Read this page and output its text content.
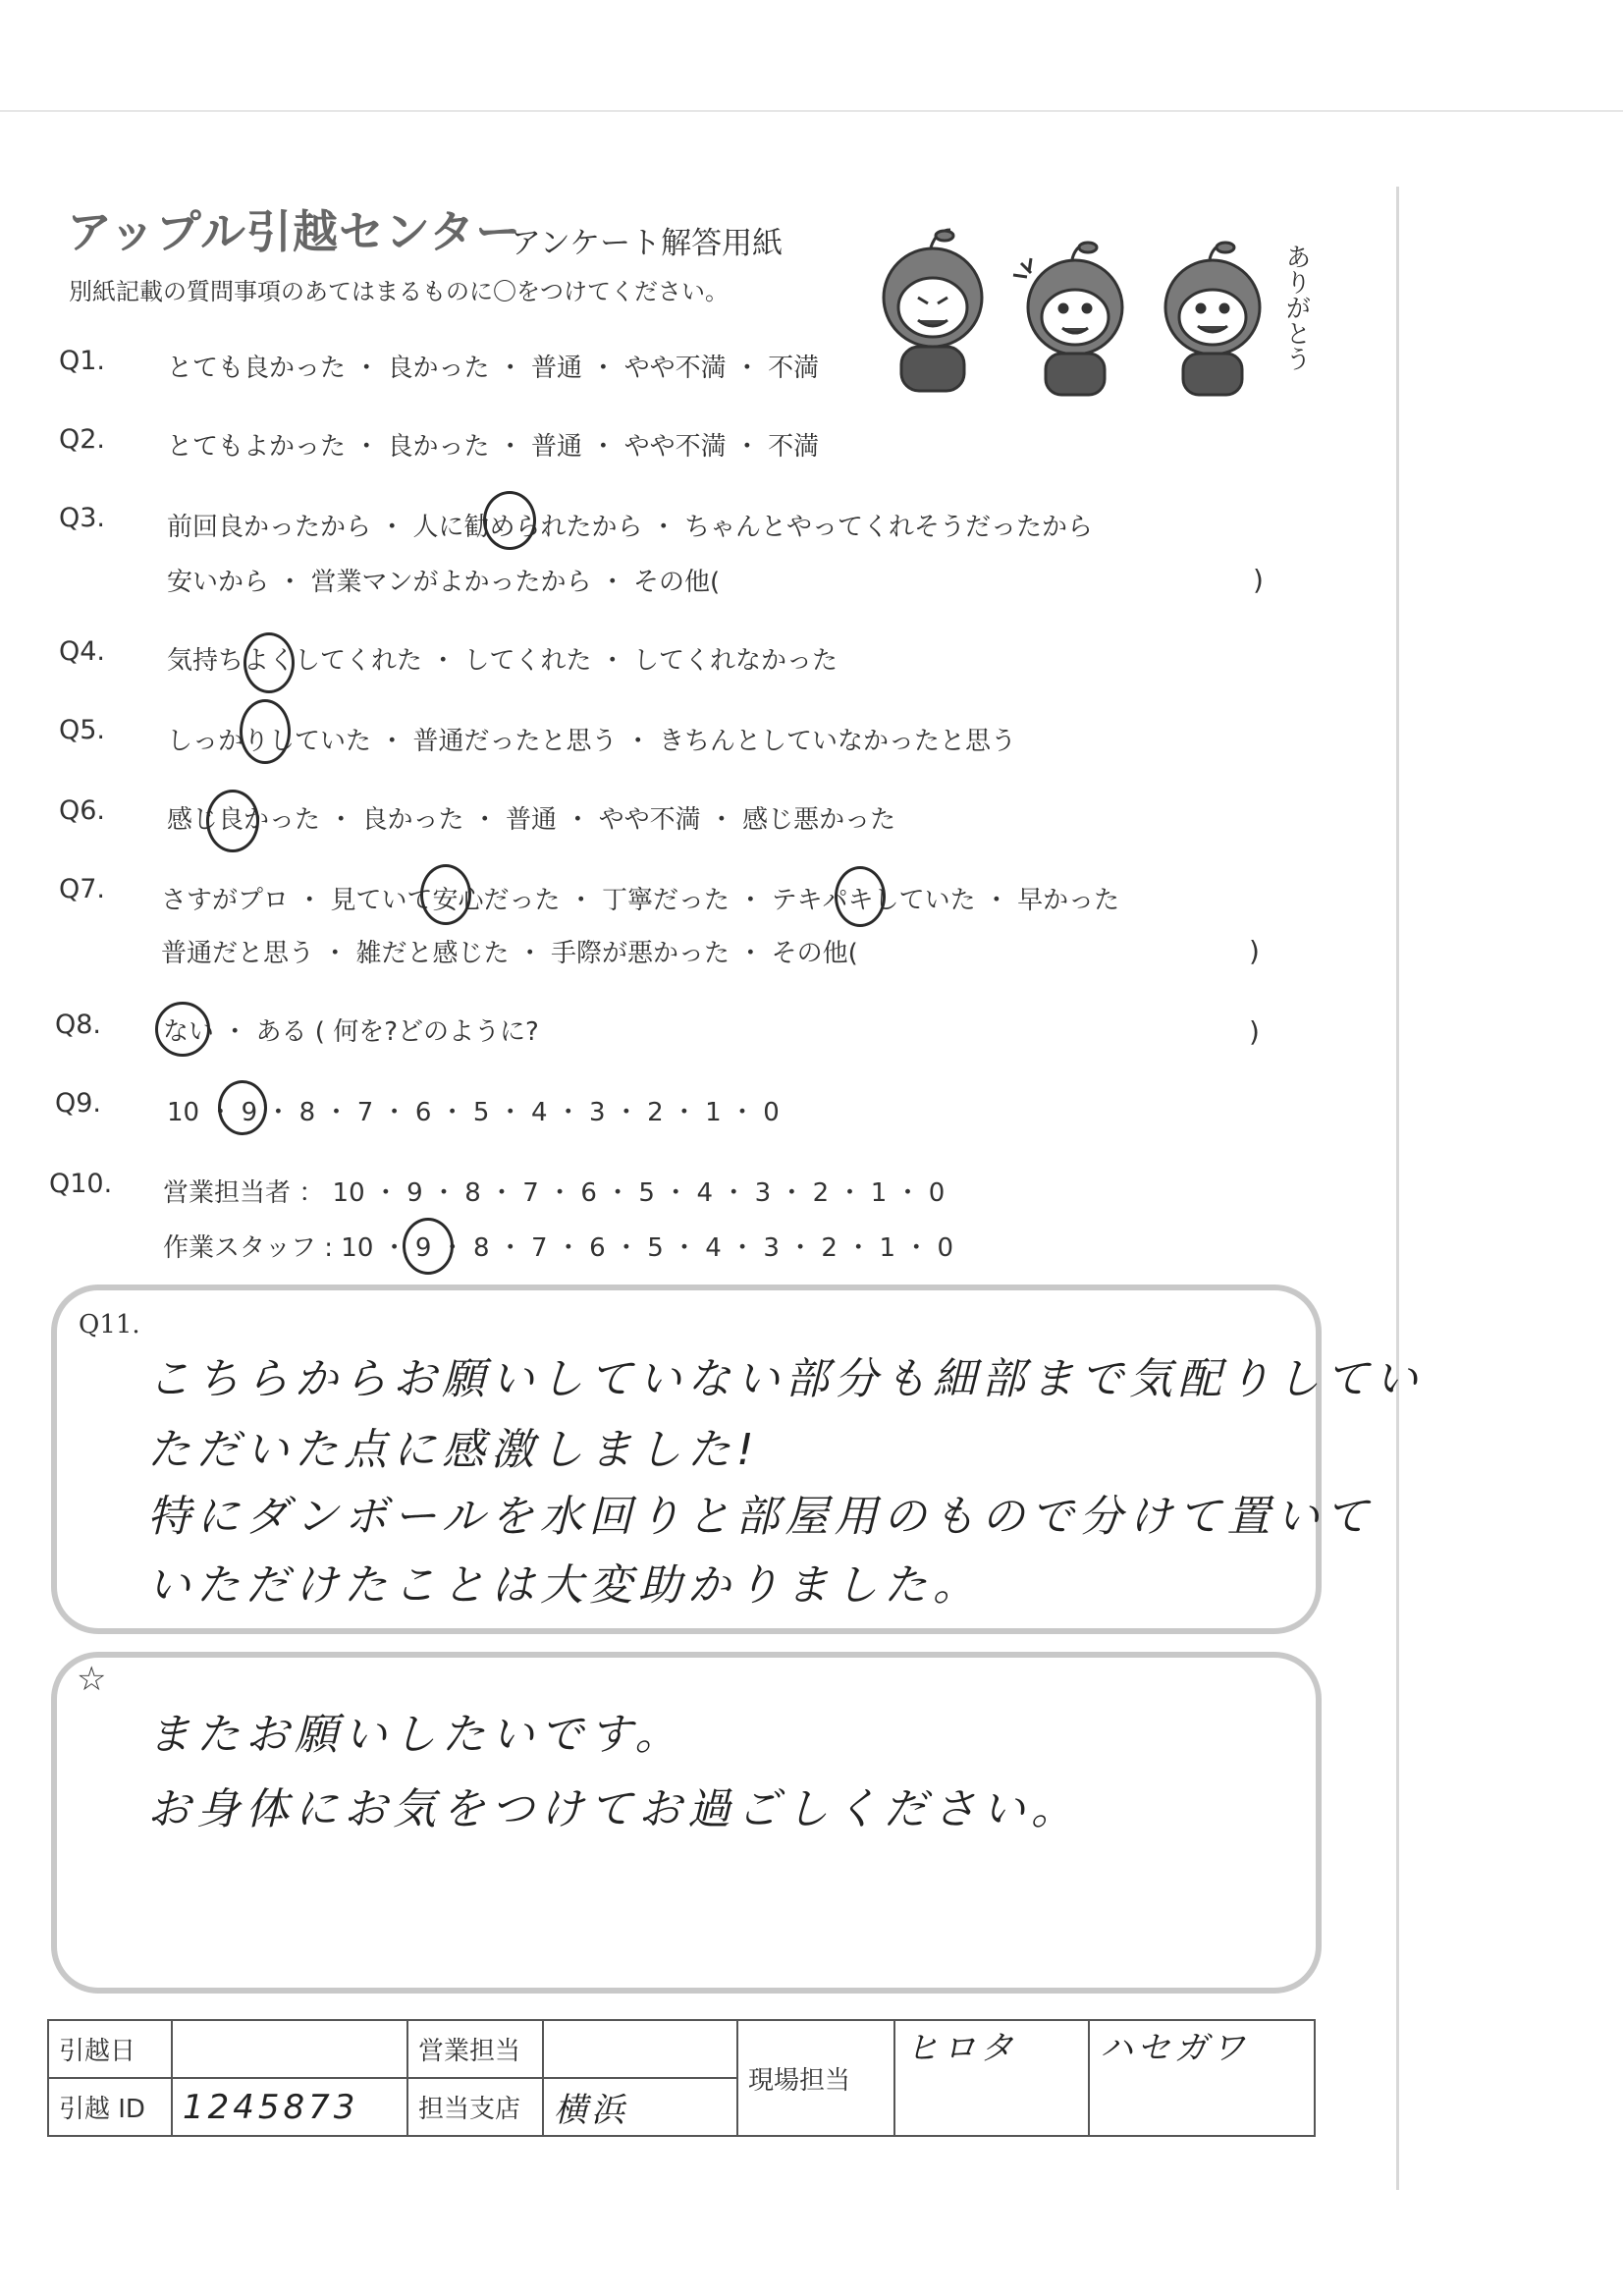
アップル引越センター
アンケート解答用紙
別紙記載の質問事項のあてはまるものに〇をつけてください。	ありがとう
Q1. とても良かった ・ 良かった ・ 普通 ・ やや不満 ・ 不満
Q2. とてもよかった ・ 良かった ・ 普通 ・ やや不満 ・ 不満
Q3. 前回良かったから ・ 人に勧められたから ・ ちゃんとやってくれそうだったから
安いから ・ 営業マンがよかったから ・ その他(	)
Q4. 気持ちよくしてくれた ・ してくれた ・ してくれなかった
Q5. しっかりしていた ・ 普通だったと思う ・ きちんとしていなかったと思う
Q6. 感じ良かった ・ 良かった ・ 普通 ・ やや不満 ・ 感じ悪かった
Q7. さすがプロ ・ 見ていて安心だった ・ 丁寧だった ・ テキパキしていた ・ 早かった
普通だと思う ・ 雑だと感じた ・ 手際が悪かった ・ その他(	)
Q8. ない ・ ある ( 何を?どのように?	)
Q9.	10 ・ 9 ・ 8 ・ 7 ・ 6 ・ 5 ・ 4 ・ 3 ・ 2 ・ 1 ・ 0
Q10. 営業担当者 ： 10 ・ 9 ・ 8 ・ 7 ・ 6 ・ 5 ・ 4 ・ 3 ・ 2 ・ 1 ・ 0
作業スタッフ : 10 ・ 9 ・ 8 ・ 7 ・ 6 ・ 5 ・ 4 ・ 3 ・ 2 ・ 1 ・ 0
Q11.
こちらからお願いしていない部分も細部まで気配りしてい
ただいた点に感激しました!
特にダンボールを水回りと部屋用のもので分けて置いて
いただけたことは大変助かりました。
☆
またお願いしたいです。
お身体にお気をつけてお過ごしください。
引越日		営業担当		現場担当	ヒロタ	ハセガワ
引越 ID	1245873	担当支店	横浜			
